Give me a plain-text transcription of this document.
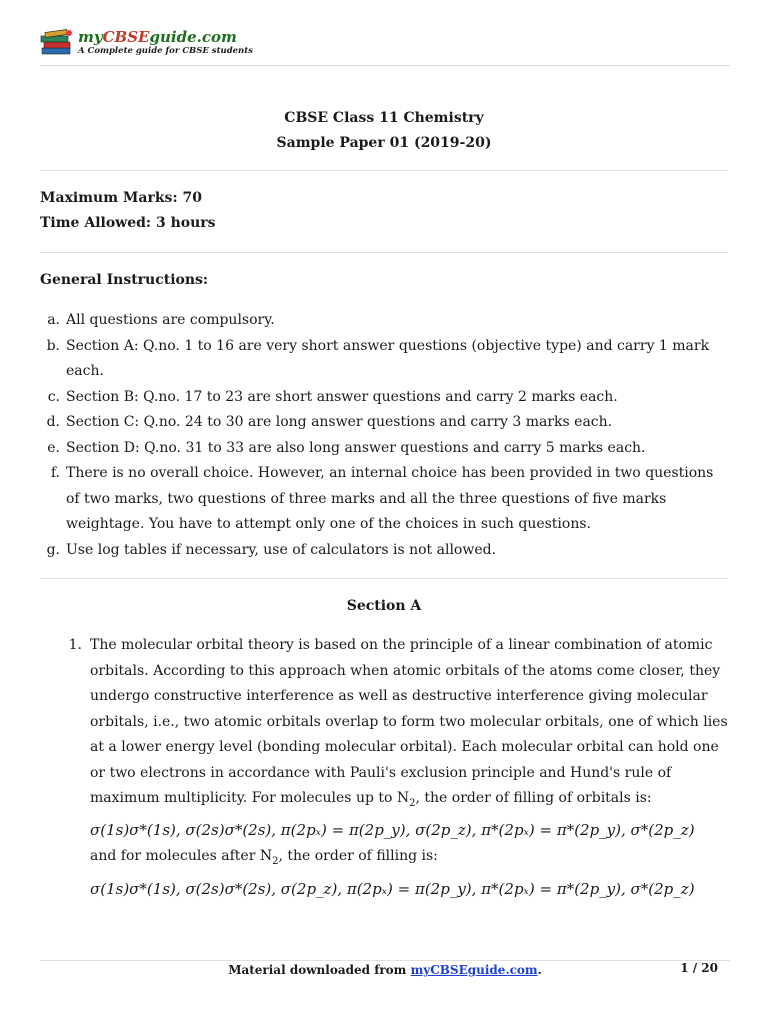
myCBSEguide.com
A Complete guide for CBSE students
CBSE Class 11 Chemistry
Sample Paper 01 (2019-20)
Maximum Marks: 70
Time Allowed: 3 hours
General Instructions:
a. All questions are compulsory.
b. Section A: Q.no. 1 to 16 are very short answer questions (objective type) and carry 1 mark each.
c. Section B: Q.no. 17 to 23 are short answer questions and carry 2 marks each.
d. Section C: Q.no. 24 to 30 are long answer questions and carry 3 marks each.
e. Section D: Q.no. 31 to 33 are also long answer questions and carry 5 marks each.
f. There is no overall choice. However, an internal choice has been provided in two questions of two marks, two questions of three marks and all the three questions of five marks weightage. You have to attempt only one of the choices in such questions.
g. Use log tables if necessary, use of calculators is not allowed.
Section A
1. The molecular orbital theory is based on the principle of a linear combination of atomic orbitals. According to this approach when atomic orbitals of the atoms come closer, they undergo constructive interference as well as destructive interference giving molecular orbitals, i.e., two atomic orbitals overlap to form two molecular orbitals, one of which lies at a lower energy level (bonding molecular orbital). Each molecular orbital can hold one or two electrons in accordance with Pauli's exclusion principle and Hund's rule of maximum multiplicity. For molecules up to $N_2$, the order of filling of orbitals is:
σ(1s)σ*(1s), σ(2s)σ*(2s), π(2pₓ) = π(2p_y), σ(2p_z), π*(2pₓ) = π*(2p_y), σ*(2p_z)
and for molecules after $N_2$, the order of filling is:
σ(1s)σ*(1s), σ(2s)σ*(2s), σ(2p_z), π(2pₓ) = π(2p_y), π*(2pₓ) = π*(2p_y), σ*(2p_z)
Material downloaded from myCBSEguide.com.	1 / 20
